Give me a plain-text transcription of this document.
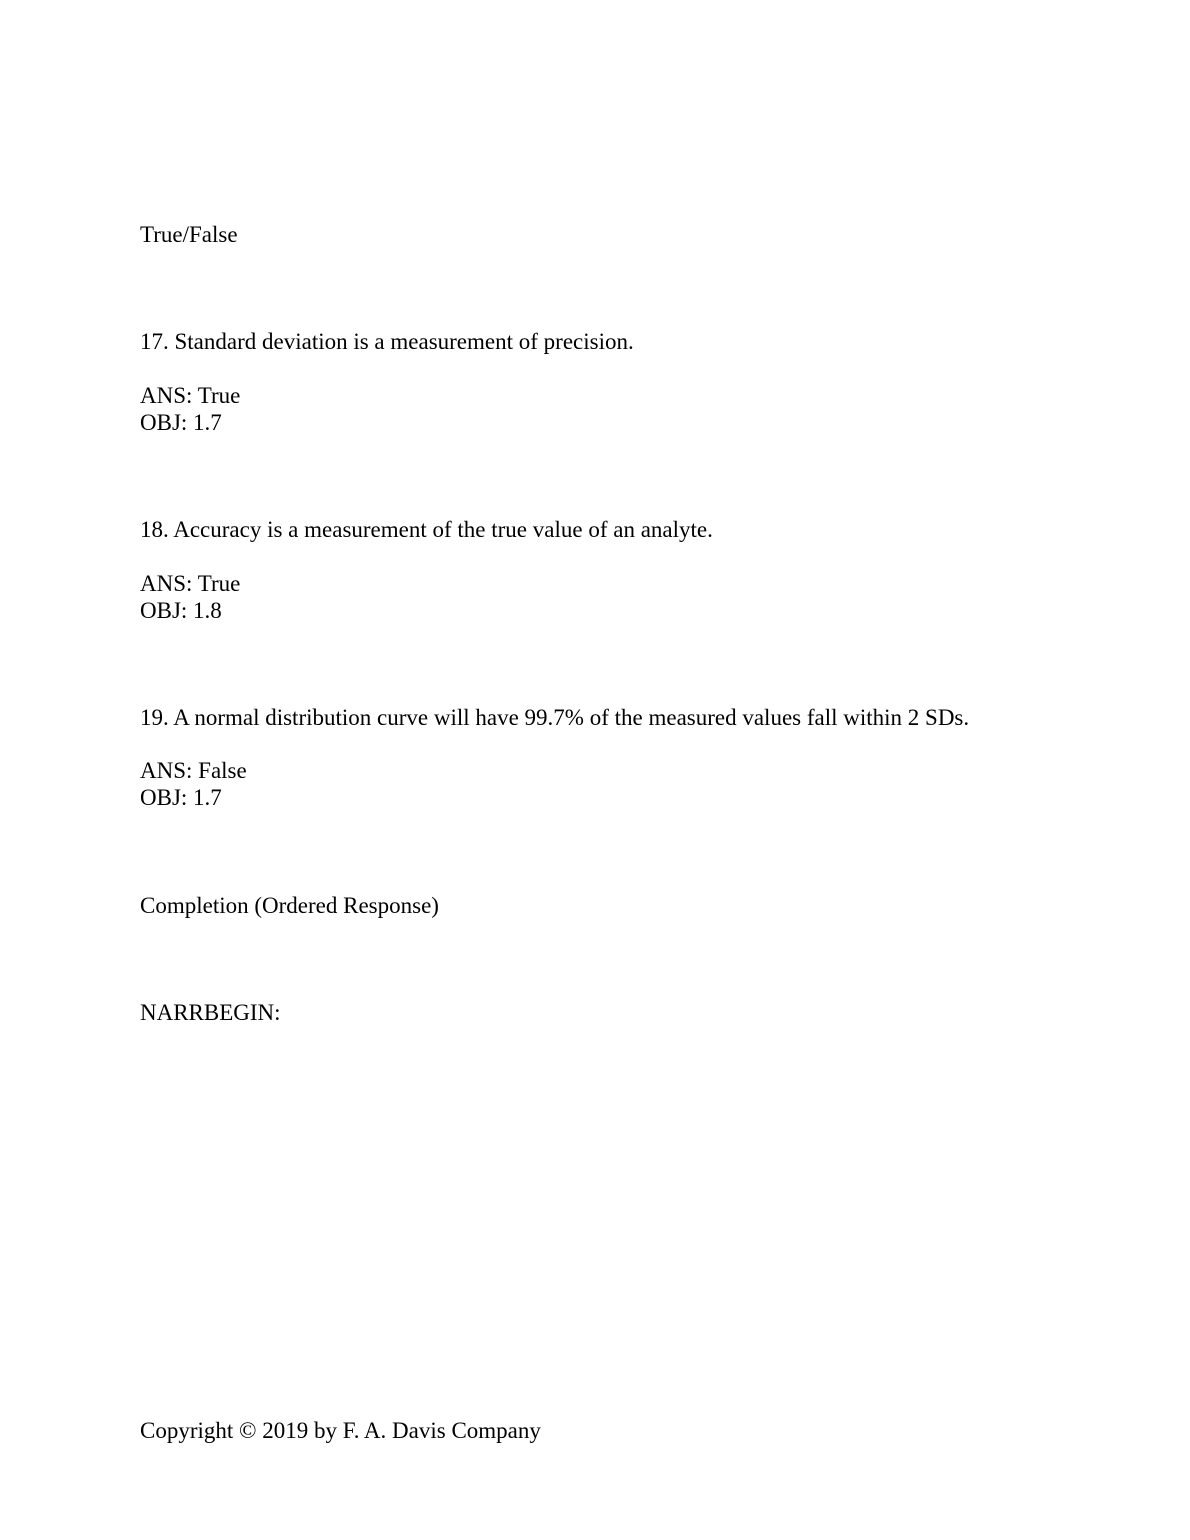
True/False
17. Standard deviation is a measurement of precision.
ANS: True
OBJ: 1.7
18. Accuracy is a measurement of the true value of an analyte.
ANS: True
OBJ: 1.8
19. A normal distribution curve will have 99.7% of the measured values fall within 2 SDs.
ANS: False
OBJ: 1.7
Completion (Ordered Response)
NARRBEGIN:
Copyright © 2019 by F. A. Davis Company
